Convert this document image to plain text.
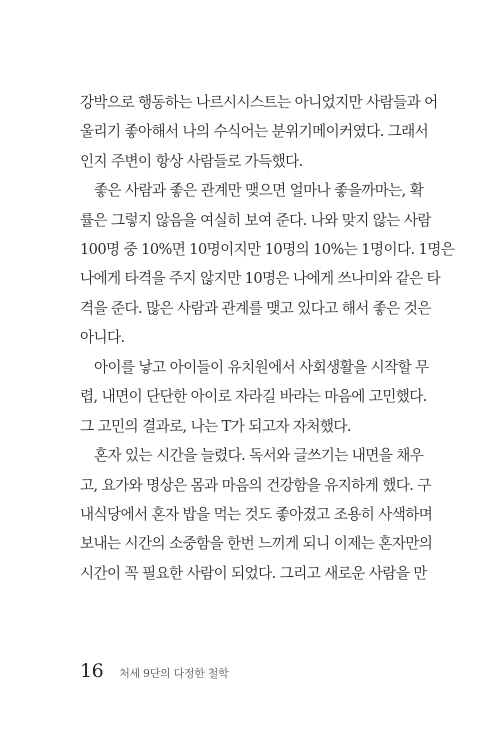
강박으로 행동하는 나르시시스트는 아니었지만 사람들과 어
울리기 좋아해서 나의 수식어는 분위기메이커였다. 그래서
인지 주변이 항상 사람들로 가득했다.

좋은 사람과 좋은 관계만 맺으면 얼마나 좋을까마는, 확
률은 그렇지 않음을 여실히 보여 준다. 나와 맞지 않는 사람
100명 중 10%면 10명이지만 10명의 10%는 1명이다. 1명은
나에게 타격을 주지 않지만 10명은 나에게 쓰나미와 같은 타
격을 준다. 많은 사람과 관계를 맺고 있다고 해서 좋은 것은
아니다.

아이를 낳고 아이들이 유치원에서 사회생활을 시작할 무
렵, 내면이 단단한 아이로 자라길 바라는 마음에 고민했다.
그 고민의 결과로, 나는 T가 되고자 자처했다.

혼자 있는 시간을 늘렸다. 독서와 글쓰기는 내면을 채우
고, 요가와 명상은 몸과 마음의 건강함을 유지하게 했다. 구
내식당에서 혼자 밥을 먹는 것도 좋아졌고 조용히 사색하며
보내는 시간의 소중함을 한번 느끼게 되니 이제는 혼자만의
시간이 꼭 필요한 사람이 되었다. 그리고 새로운 사람을 만

16 처세 9단의 다정한 철학
